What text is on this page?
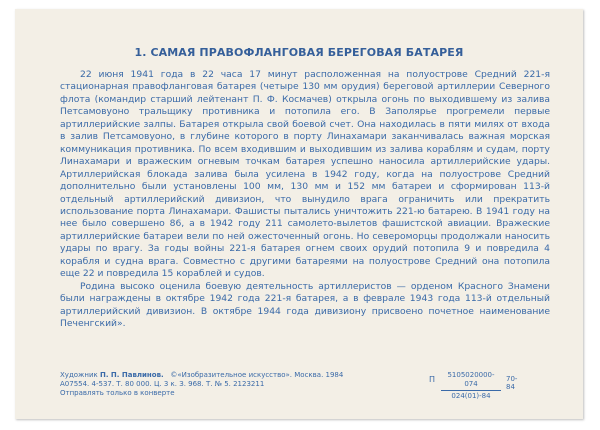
1. САМАЯ ПРАВОФЛАНГОВАЯ БЕРЕГОВАЯ БАТАРЕЯ

22 июня 1941 года в 22 часа 17 минут расположенная на полуострове Средний 221-я стационарная правофланговая батарея (четыре 130 мм орудия) береговой артиллерии Северного флота (командир старший лейтенант П. Ф. Космачев) открыла огонь по выходившему из залива Петсамовуоно тральщику противника и потопила его. В Заполярье прогремели первые артиллерийские залпы. Батарея открыла свой боевой счет. Она находилась в пяти милях от входа в залив Петсамовуоно, в глубине которого в порту Линахамари заканчивалась важная морская коммуникация противника. По всем входившим и выходившим из залива кораблям и судам, порту Линахамари и вражеским огневым точкам батарея успешно наносила артиллерийские удары. Артиллерийская блокада залива была усилена в 1942 году, когда на полуострове Средний дополнительно были установлены 100 мм, 130 мм и 152 мм батареи и сформирован 113-й отдельный артиллерийский дивизион, что вынудило врага ограничить или прекратить использование порта Линахамари. Фашисты пытались уничтожить 221-ю батарею. В 1941 году на нее было совершено 86, а в 1942 году 211 самолето-вылетов фашистской авиации. Вражеские артиллерийские батареи вели по ней ожесточенный огонь. Но североморцы продолжали наносить удары по врагу. За годы войны 221-я батарея огнем своих орудий потопила 9 и повредила 4 корабля и судна врага. Совместно с другими батареями на полуострове Средний она потопила еще 22 и повредила 15 кораблей и судов.

Родина высоко оценила боевую деятельность артиллеристов — орденом Красного Знамени были награждены в октябре 1942 года 221-я батарея, а в феврале 1943 года 113-й отдельный артиллерийский дивизион. В октябре 1944 года дивизиону присвоено почетное наименование Печенгский».

Художник П. П. Павлинов. ©«Изобразительное искусство». Москва. 1984
А07554. 4-537. Т. 80 000. Ц. 3 к. З. 968. Т. № 5. 2123211
Отправлять только в конверте
П $\frac{5105020000-074}{024(01)-84} 70-84$
